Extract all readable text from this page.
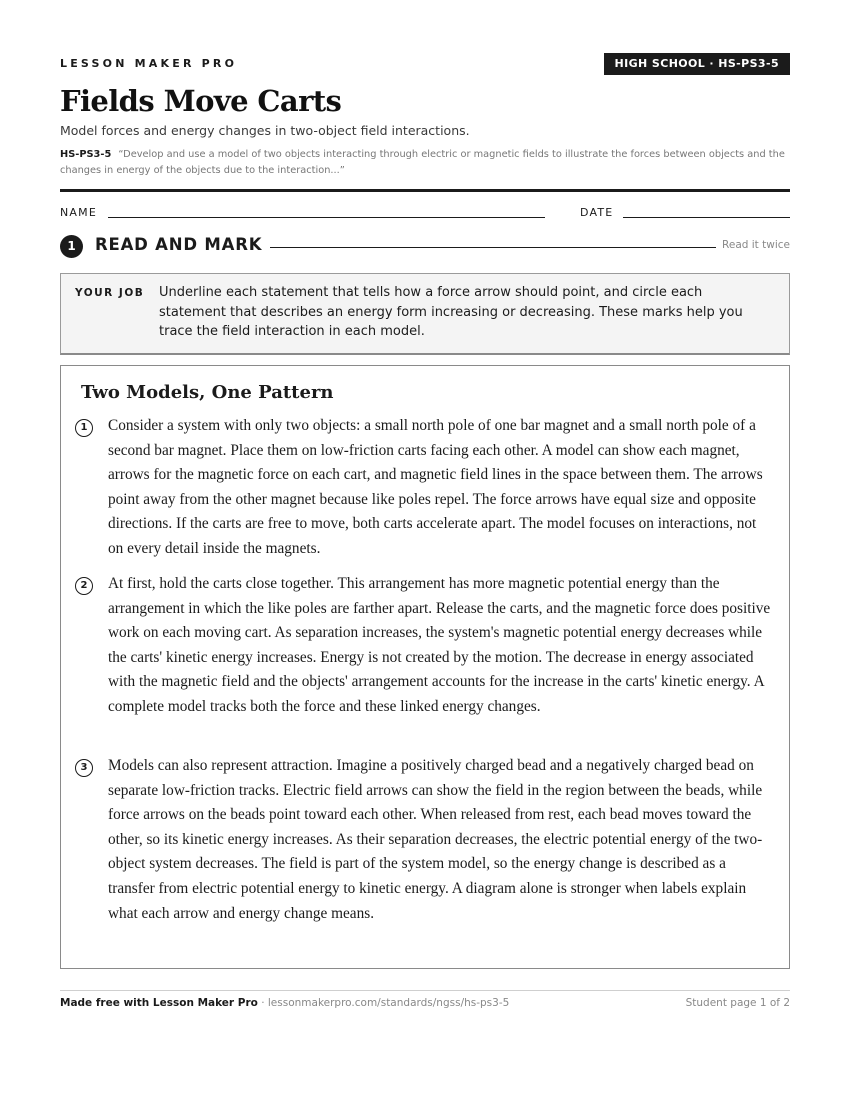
LESSON MAKER PRO	HIGH SCHOOL · HS-PS3-5
Fields Move Carts
Model forces and energy changes in two-object field interactions.
HS-PS3-5 “Develop and use a model of two objects interacting through electric or magnetic fields to illustrate the forces between objects and the changes in energy of the objects due to the interaction...”
NAME	DATE
1	READ AND MARK	Read it twice
YOUR JOB Underline each statement that tells how a force arrow should point, and circle each statement that describes an energy form increasing or decreasing. These marks help you trace the field interaction in each model.
Two Models, One Pattern
1	Consider a system with only two objects: a small north pole of one bar magnet and a small north pole of a second bar magnet. Place them on low-friction carts facing each other. A model can show each magnet, arrows for the magnetic force on each cart, and magnetic field lines in the space between them. The arrows point away from the other magnet because like poles repel. The force arrows have equal size and opposite directions. If the carts are free to move, both carts accelerate apart. The model focuses on interactions, not on every detail inside the magnets.
2	At first, hold the carts close together. This arrangement has more magnetic potential energy than the arrangement in which the like poles are farther apart. Release the carts, and the magnetic force does positive work on each moving cart. As separation increases, the system's magnetic potential energy decreases while the carts' kinetic energy increases. Energy is not created by the motion. The decrease in energy associated with the magnetic field and the objects' arrangement accounts for the increase in the carts' kinetic energy. A complete model tracks both the force and these linked energy changes.
3	Models can also represent attraction. Imagine a positively charged bead and a negatively charged bead on separate low-friction tracks. Electric field arrows can show the field in the region between the beads, while force arrows on the beads point toward each other. When released from rest, each bead moves toward the other, so its kinetic energy increases. As their separation decreases, the electric potential energy of the two-object system decreases. The field is part of the system model, so the energy change is described as a transfer from electric potential energy to kinetic energy. A diagram alone is stronger when labels explain what each arrow and energy change means.
Made free with Lesson Maker Pro · lessonmakerpro.com/standards/ngss/hs-ps3-5	Student page 1 of 2
